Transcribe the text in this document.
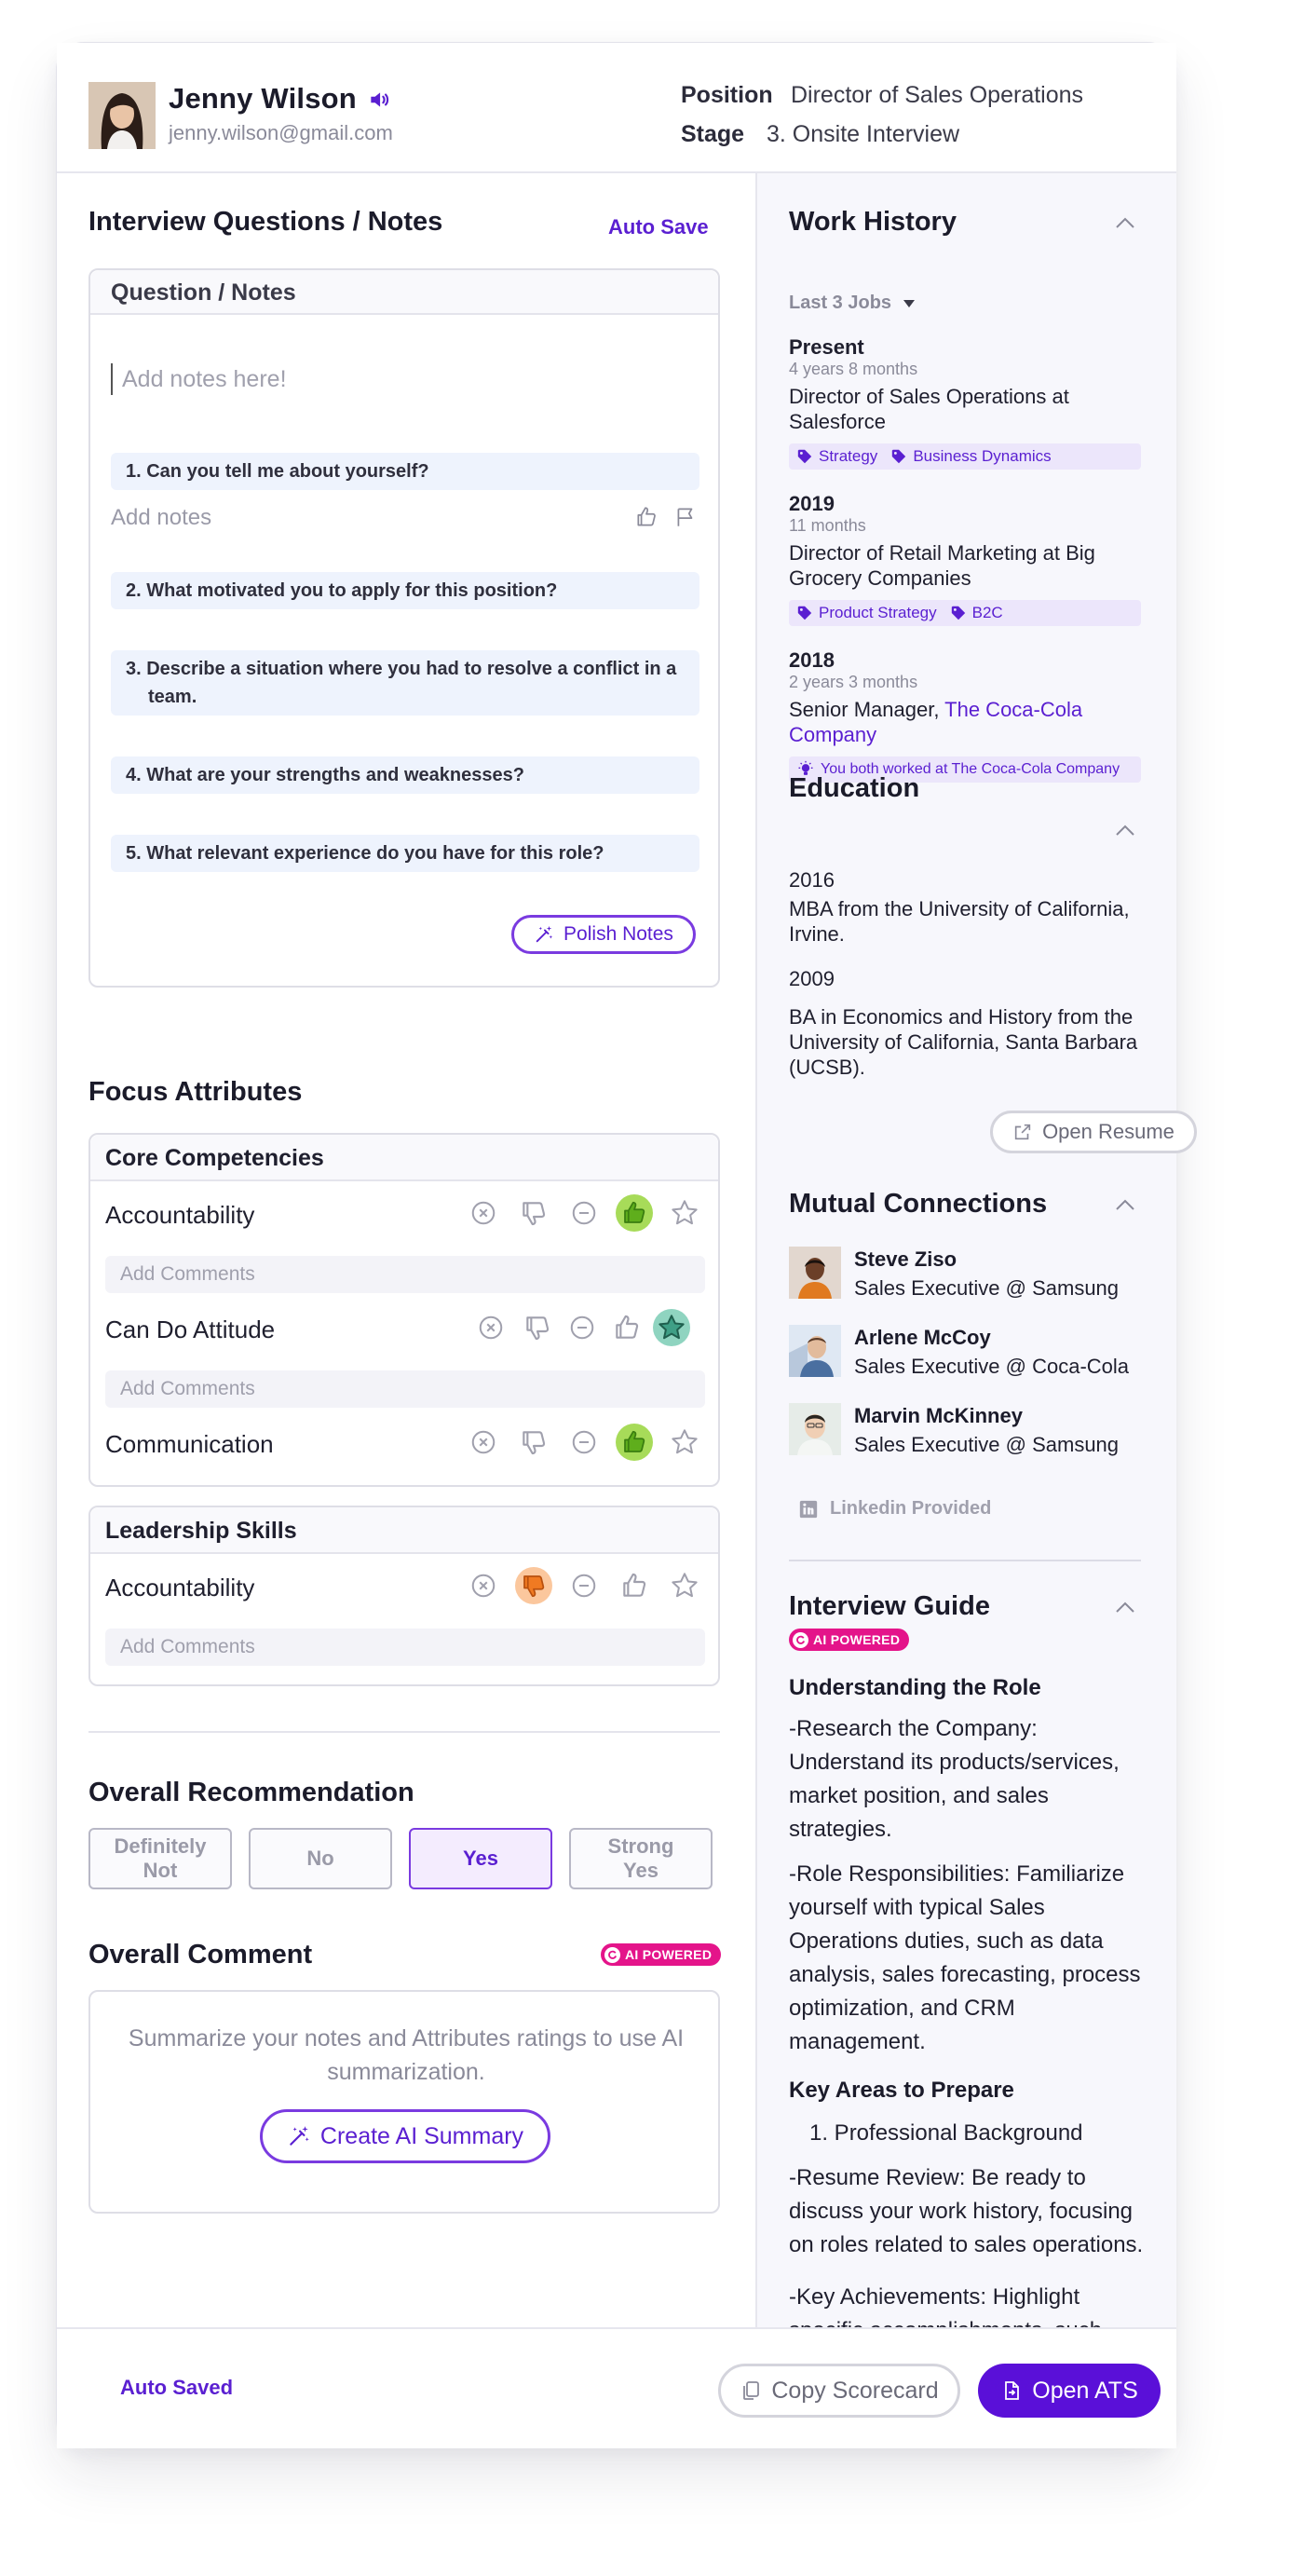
Jenny Wilson
jenny.wilson@gmail.com
Position Director of Sales Operations
Stage 3. Onsite Interview
Interview Questions / Notes	Auto Save
Question / Notes
Add notes here!
1. Can you tell me about yourself?
Add notes
2. What motivated you to apply for this position?
3. Describe a situation where you had to resolve a conflict in a team.
4. What are your strengths and weaknesses?
5. What relevant experience do you have for this role?
Polish Notes
Focus Attributes
Core Competencies
Accountability
Add Comments
Can Do Attitude
Add Comments
Communication
Leadership Skills
Accountability
Add Comments
Overall Recommendation
Definitely Not
No	Yes
Strong Yes
Overall Comment	AI POWERED
Summarize your notes and Attributes ratings to use AI summarization.
Create AI Summary
Work History
Last 3 Jobs
Present
4 years 8 months
Director of Sales Operations at Salesforce
Strategy Business Dynamics
2019
11 months
Director of Retail Marketing at Big Grocery Companies
Product Strategy B2C
2018
2 years 3 months
Senior Manager, The Coca-Cola Company
You both worked at The Coca-Cola Company
Education
2016
MBA from the University of California, Irvine.
2009
BA in Economics and History from the University of California, Santa Barbara (UCSB).
Open Resume
Mutual Connections
Steve Ziso
Sales Executive @ Samsung
Arlene McCoy
Sales Executive @ Coca-Cola
Marvin McKinney
Sales Executive @ Samsung
Linkedin Provided
Interview Guide
AI POWERED
Understanding the Role
-Research the Company: Understand its products/services, market position, and sales strategies.
-Role Responsibilities: Familiarize yourself with typical Sales Operations duties, such as data analysis, sales forecasting, process optimization, and CRM management.
Key Areas to Prepare
1. Professional Background
-Resume Review: Be ready to discuss your work history, focusing on roles related to sales operations.
-Key Achievements: Highlight
Auto Saved	Copy Scorecard	Open ATS
